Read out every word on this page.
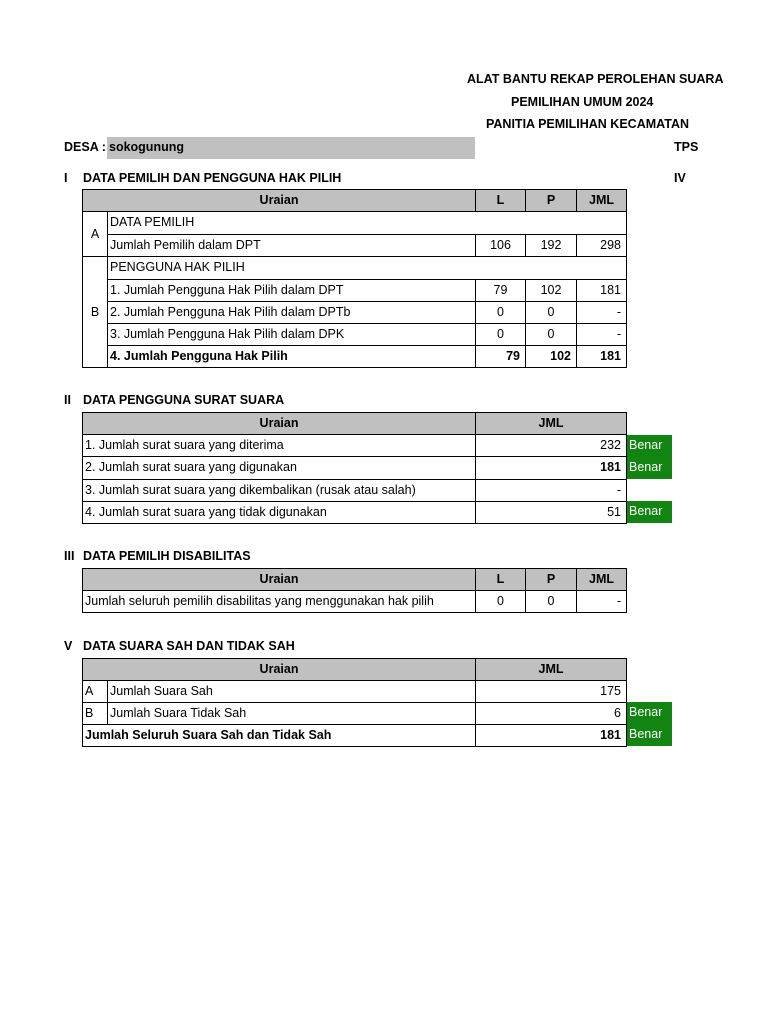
ALAT BANTU REKAP PEROLEHAN SUARA
PEMILIHAN UMUM 2024
PANITIA PEMILIHAN KECAMATAN
DESA : sokogunung	TPS
I DATA PEMILIH DAN PENGGUNA HAK PILIH	IV
Uraian	L	P	JML
A
DATA PEMILIH
Jumlah Pemilih dalam DPT	106	192	298
B
PENGGUNA HAK PILIH
1. Jumlah Pengguna Hak Pilih dalam DPT	79	102	181
2. Jumlah Pengguna Hak Pilih dalam DPTb	0	0	-
3. Jumlah Pengguna Hak Pilih dalam DPK	0	0	-
4. Jumlah Pengguna Hak Pilih	79	102	181
II DATA PENGGUNA SURAT SUARA
Uraian	JML
1. Jumlah surat suara yang diterima	232 Benar
2. Jumlah surat suara yang digunakan	181 Benar
3. Jumlah surat suara yang dikembalikan (rusak atau salah)	-
4. Jumlah surat suara yang tidak digunakan	51 Benar
III DATA PEMILIH DISABILITAS
Uraian	L	P	JML
Jumlah seluruh pemilih disabilitas yang menggunakan hak pilih	0	0	-
V DATA SUARA SAH DAN TIDAK SAH
Uraian	JML
A	Jumlah Suara Sah	175
B	Jumlah Suara Tidak Sah	6 Benar
Jumlah Seluruh Suara Sah dan Tidak Sah	181 Benar
